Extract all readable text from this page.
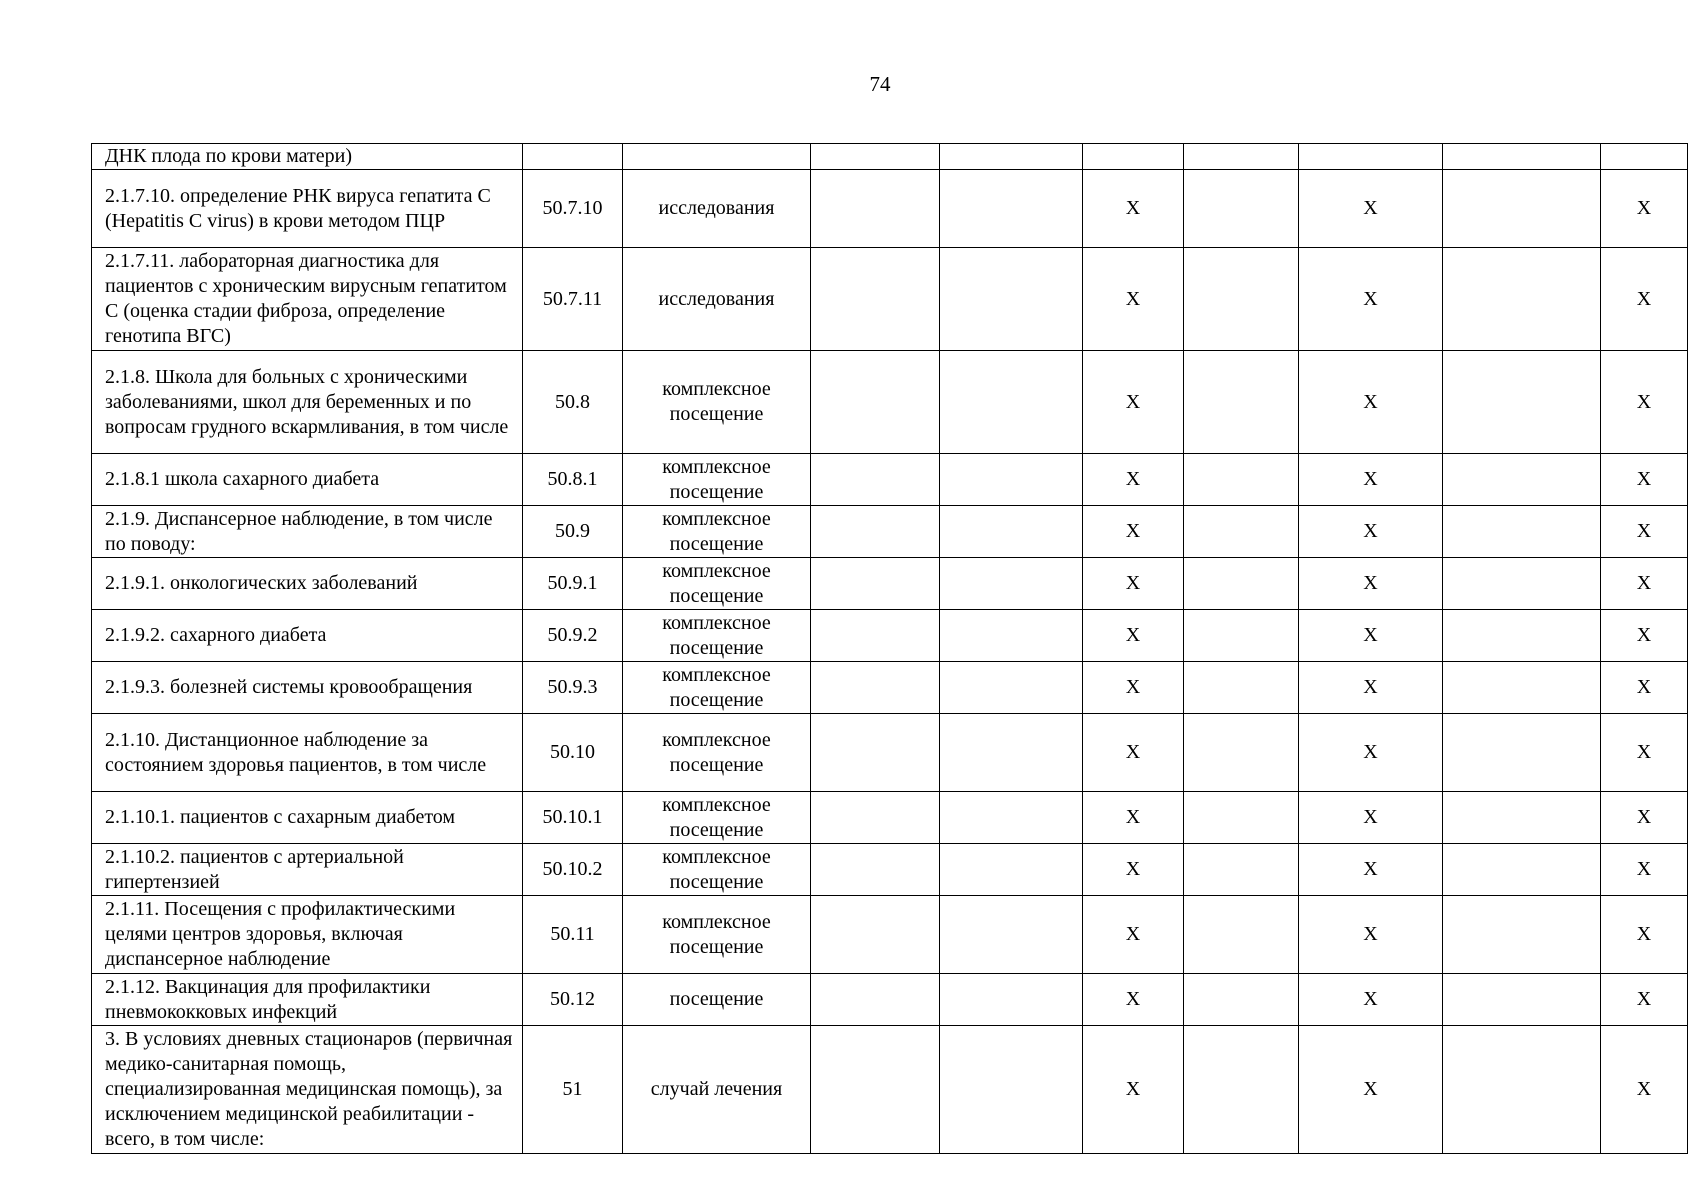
74
ДНК плода по крови матери)									
2.1.7.10. определение РНК вируса гепатита С (Hepatitis C virus) в крови методом ПЦР	50.7.10	исследования			X		X		X
2.1.7.11. лабораторная диагностика для пациентов с хроническим вирусным гепатитом С (оценка стадии фиброза, определение генотипа ВГС)	50.7.11	исследования			X		X		X
2.1.8. Школа для больных с хроническими заболеваниями, школ для беременных и по вопросам грудного вскармливания, в том числе	50.8	комплексное посещение			X		X		X
2.1.8.1 школа сахарного диабета	50.8.1	комплексное посещение			X		X		X
2.1.9. Диспансерное наблюдение, в том числе по поводу:	50.9	комплексное посещение			X		X		X
2.1.9.1. онкологических заболеваний	50.9.1	комплексное посещение			X		X		X
2.1.9.2. сахарного диабета	50.9.2	комплексное посещение			X		X		X
2.1.9.3. болезней системы кровообращения	50.9.3	комплексное посещение			X		X		X
2.1.10. Дистанционное наблюдение за состоянием здоровья пациентов, в том числе	50.10	комплексное посещение			X		X		X
2.1.10.1. пациентов с сахарным диабетом	50.10.1	комплексное посещение			X		X		X
2.1.10.2. пациентов с артериальной гипертензией	50.10.2	комплексное посещение			X		X		X
2.1.11. Посещения с профилактическими целями центров здоровья, включая диспансерное наблюдение	50.11	комплексное посещение			X		X		X
2.1.12. Вакцинация для профилактики пневмококковых инфекций	50.12	посещение			X		X		X
3. В условиях дневных стационаров (первичная медико-санитарная помощь, специализированная медицинская помощь), за исключением медицинской реабилитации - всего, в том числе:	51	случай лечения			X		X		X
